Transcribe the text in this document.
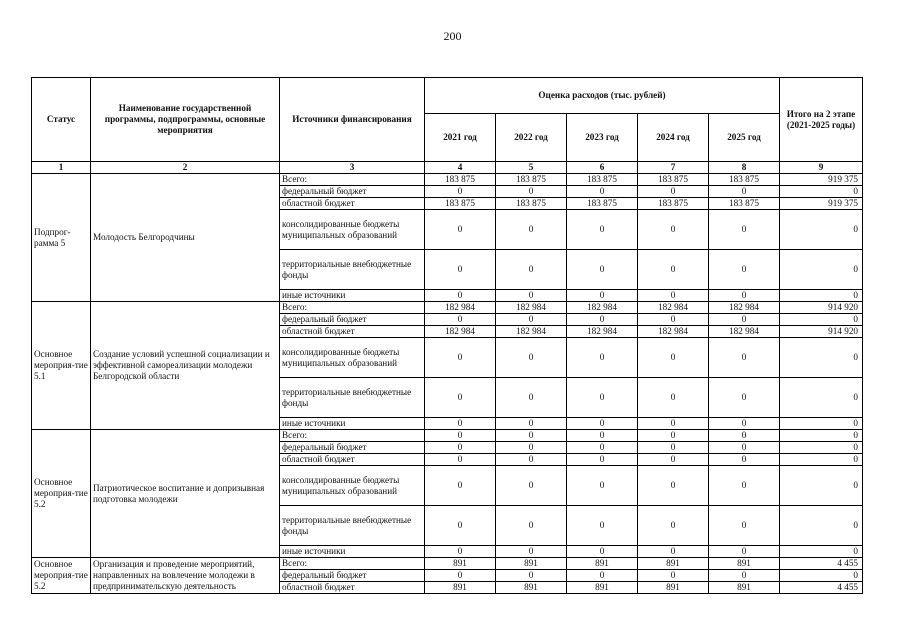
200
Статус	Наименование государственной программы, подпрограммы, основные мероприятия	Источники финансирования	Оценка расходов (тыс. рублей)					Итого на 2 этапе (2021-2025 годы)
			2021 год	2022 год	2023 год	2024 год	2025 год	
1	2	3	4	5	6	7	8	9
Подпрог-рамма 5	Молодость Белгородчины	Всего:	183 875	183 875	183 875	183 875	183 875	919 375
		федеральный бюджет	0	0	0	0	0	0
		областной бюджет	183 875	183 875	183 875	183 875	183 875	919 375
		консолидированные бюджеты муниципальных образований	0	0	0	0	0	0
		территориальные внебюджетные фонды	0	0	0	0	0	0
		иные источники	0	0	0	0	0	0
Основное мероприя-тие 5.1	Создание условий успешной социализации и эффективной самореализации молодежи Белгородской области	Всего:	182 984	182 984	182 984	182 984	182 984	914 920
		федеральный бюджет	0	0	0	0	0	0
		областной бюджет	182 984	182 984	182 984	182 984	182 984	914 920
		консолидированные бюджеты муниципальных образований	0	0	0	0	0	0
		территориальные внебюджетные фонды	0	0	0	0	0	0
		иные источники	0	0	0	0	0	0
Основное мероприя-тие 5.2	Патриотическое воспитание и допризывная подготовка молодежи	Всего:	0	0	0	0	0	0
		федеральный бюджет	0	0	0	0	0	0
		областной бюджет	0	0	0	0	0	0
		консолидированные бюджеты муниципальных образований	0	0	0	0	0	0
		территориальные внебюджетные фонды	0	0	0	0	0	0
		иные источники	0	0	0	0	0	0
Основное мероприя-тие 5.2	Организация и проведение мероприятий, направленных на вовлечение молодежи в предпринимательскую деятельность	Всего:	891	891	891	891	891	4 455
		федеральный бюджет	0	0	0	0	0	0
		областной бюджет	891	891	891	891	891	4 455
